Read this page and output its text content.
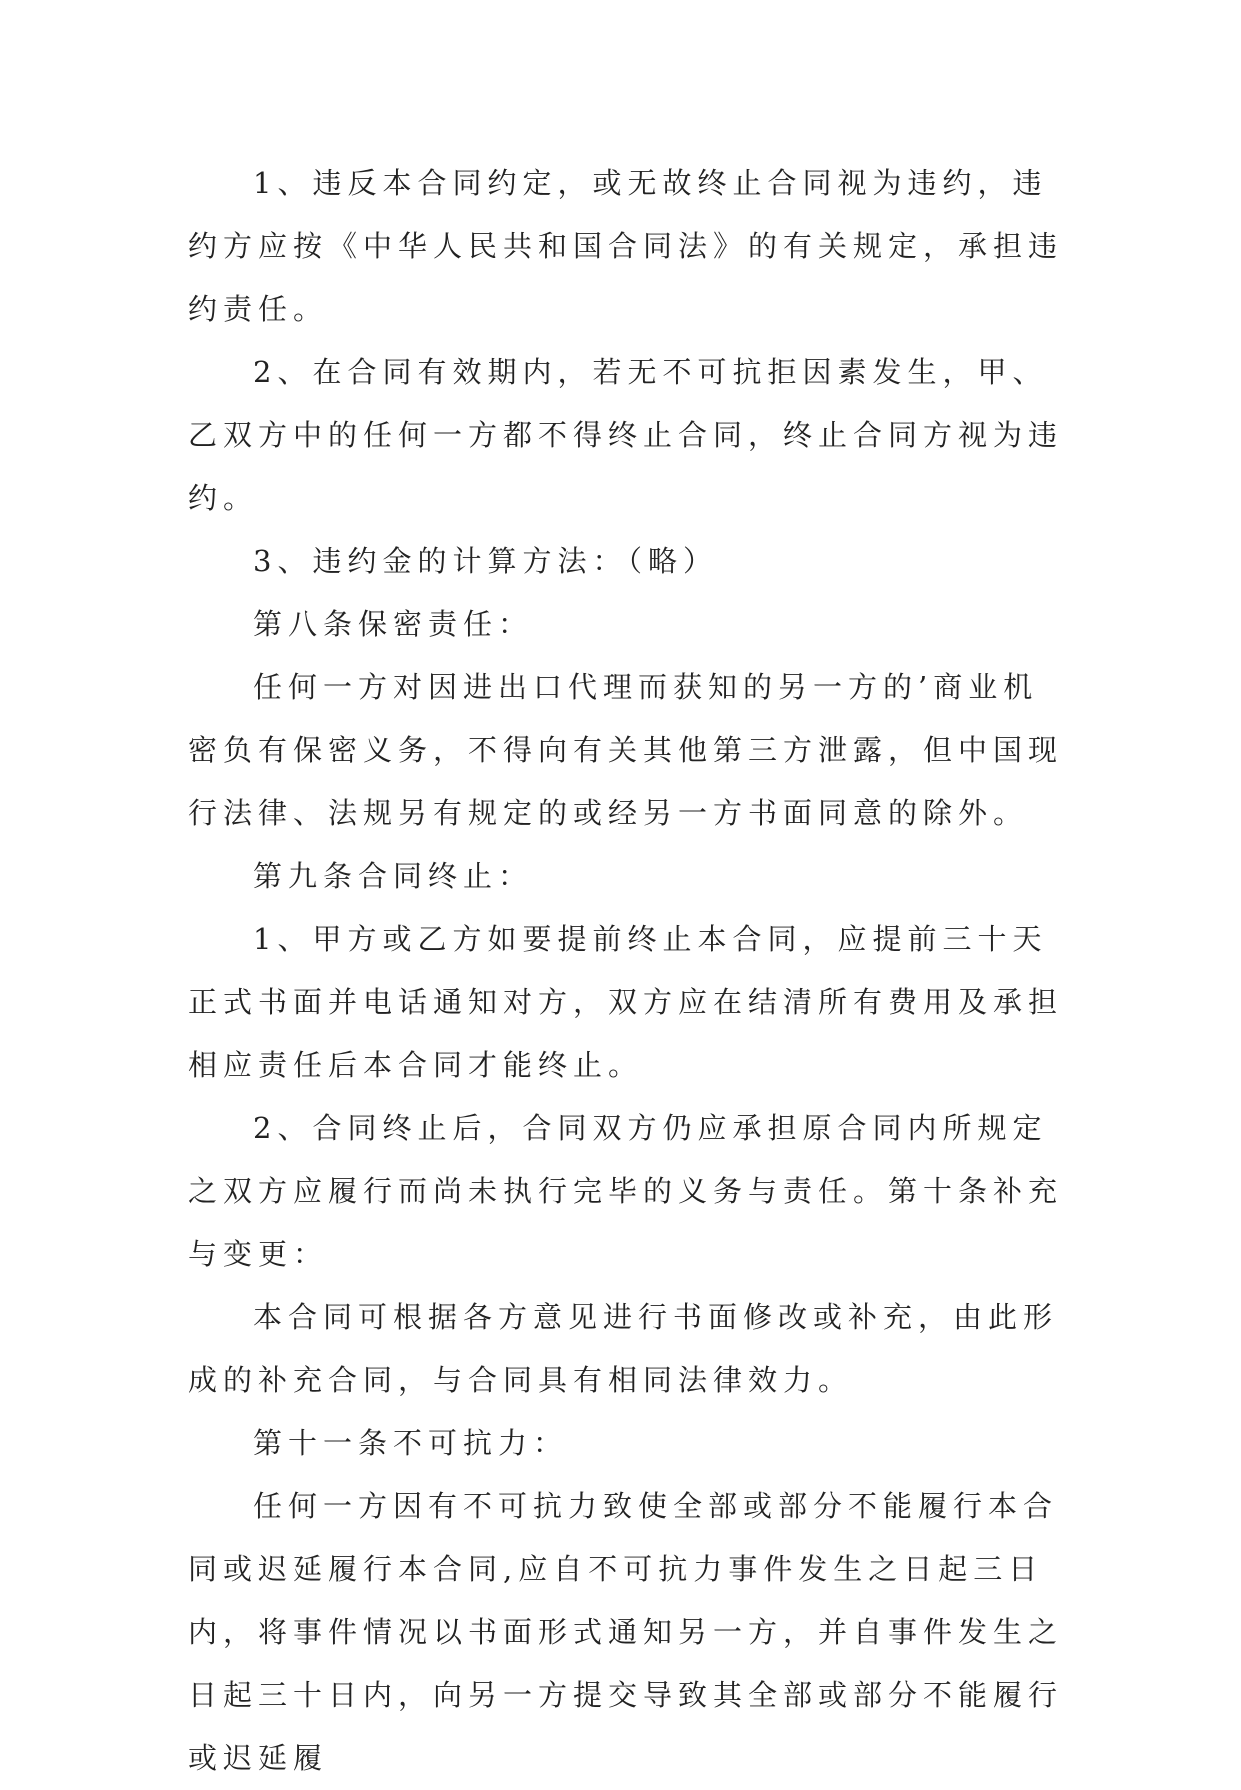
1、违反本合同约定，或无故终止合同视为违约，违约方应按《中华人民共和国合同法》的有关规定，承担违约责任。

2、在合同有效期内，若无不可抗拒因素发生，甲、乙双方中的任何一方都不得终止合同，终止合同方视为违约。

3、违约金的计算方法：（略）

第八条保密责任：

任何一方对因进出口代理而获知的另一方的’商业机密负有保密义务，不得向有关其他第三方泄露，但中国现行法律、法规另有规定的或经另一方书面同意的除外。

第九条合同终止：

1、甲方或乙方如要提前终止本合同，应提前三十天正式书面并电话通知对方，双方应在结清所有费用及承担相应责任后本合同才能终止。

2、合同终止后，合同双方仍应承担原合同内所规定之双方应履行而尚未执行完毕的义务与责任。第十条补充与变更：

本合同可根据各方意见进行书面修改或补充，由此形成的补充合同，与合同具有相同法律效力。

第十一条不可抗力：

任何一方因有不可抗力致使全部或部分不能履行本合同或迟延履行本合同,应自不可抗力事件发生之日起三日内，将事件情况以书面形式通知另一方，并自事件发生之日起三十日内，向另一方提交导致其全部或部分不能履行或迟延履
